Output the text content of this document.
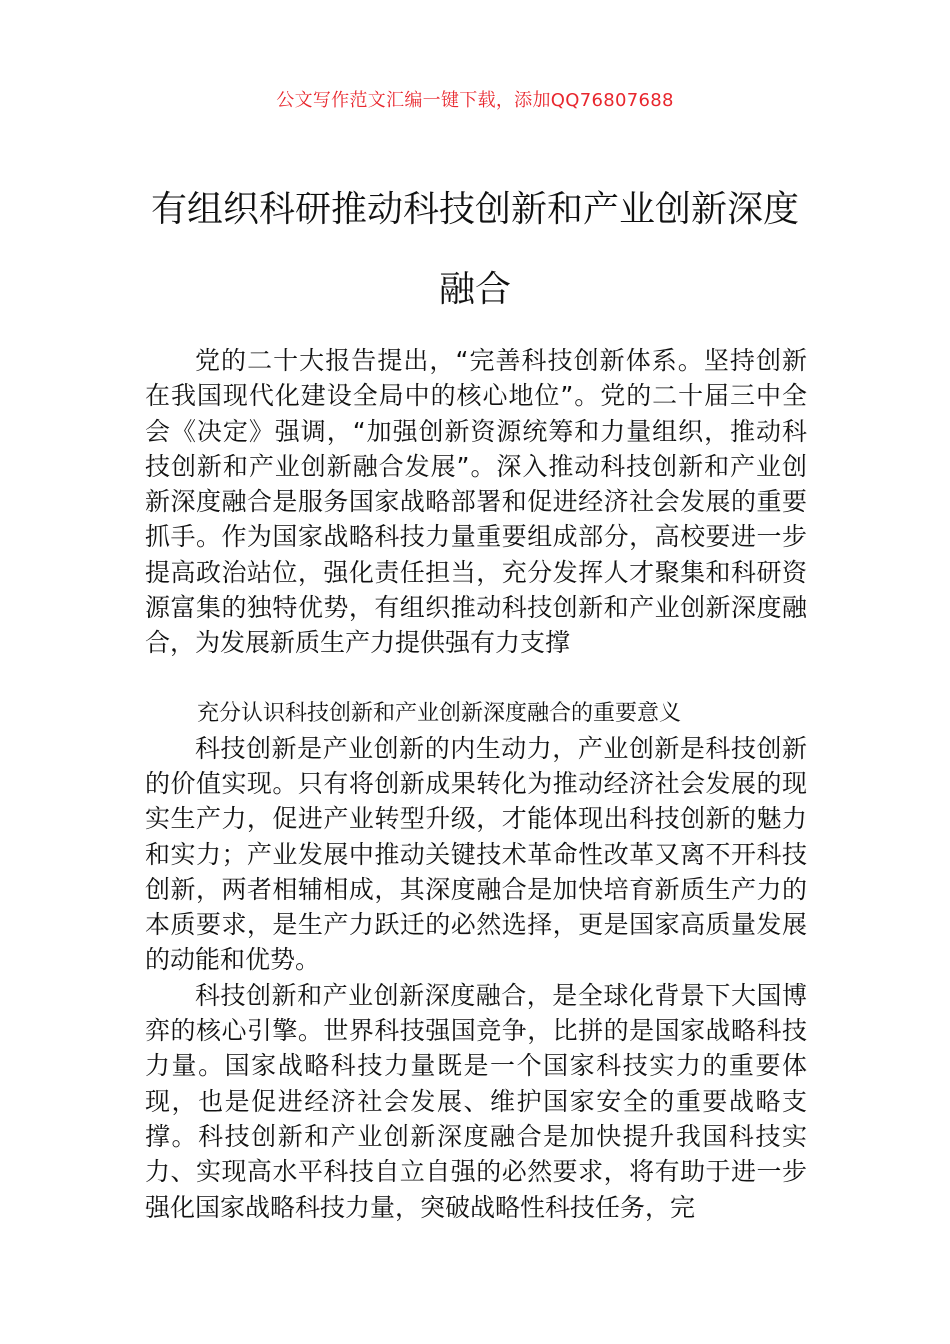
公文写作范文汇编一键下载，添加QQ76807688
有组织科研推动科技创新和产业创新深度
融合

党的二十大报告提出，“完善科技创新体系。坚持创新在我国现代化建设全局中的核心地位”。党的二十届三中全会《决定》强调，“加强创新资源统筹和力量组织，推动科技创新和产业创新融合发展”。深入推动科技创新和产业创新深度融合是服务国家战略部署和促进经济社会发展的重要抓手。作为国家战略科技力量重要组成部分，高校要进一步提高政治站位，强化责任担当，充分发挥人才聚集和科研资源富集的独特优势，有组织推动科技创新和产业创新深度融合，为发展新质生产力提供强有力支撑

充分认识科技创新和产业创新深度融合的重要意义

科技创新是产业创新的内生动力，产业创新是科技创新的价值实现。只有将创新成果转化为推动经济社会发展的现实生产力，促进产业转型升级，才能体现出科技创新的魅力和实力；产业发展中推动关键技术革命性改革又离不开科技创新，两者相辅相成，其深度融合是加快培育新质生产力的本质要求，是生产力跃迁的必然选择，更是国家高质量发展的动能和优势。

科技创新和产业创新深度融合，是全球化背景下大国博弈的核心引擎。世界科技强国竞争，比拼的是国家战略科技力量。国家战略科技力量既是一个国家科技实力的重要体现，也是促进经济社会发展、维护国家安全的重要战略支撑。科技创新和产业创新深度融合是加快提升我国科技实力、实现高水平科技自立自强的必然要求，将有助于进一步强化国家战略科技力量，突破战略性科技任务，完
